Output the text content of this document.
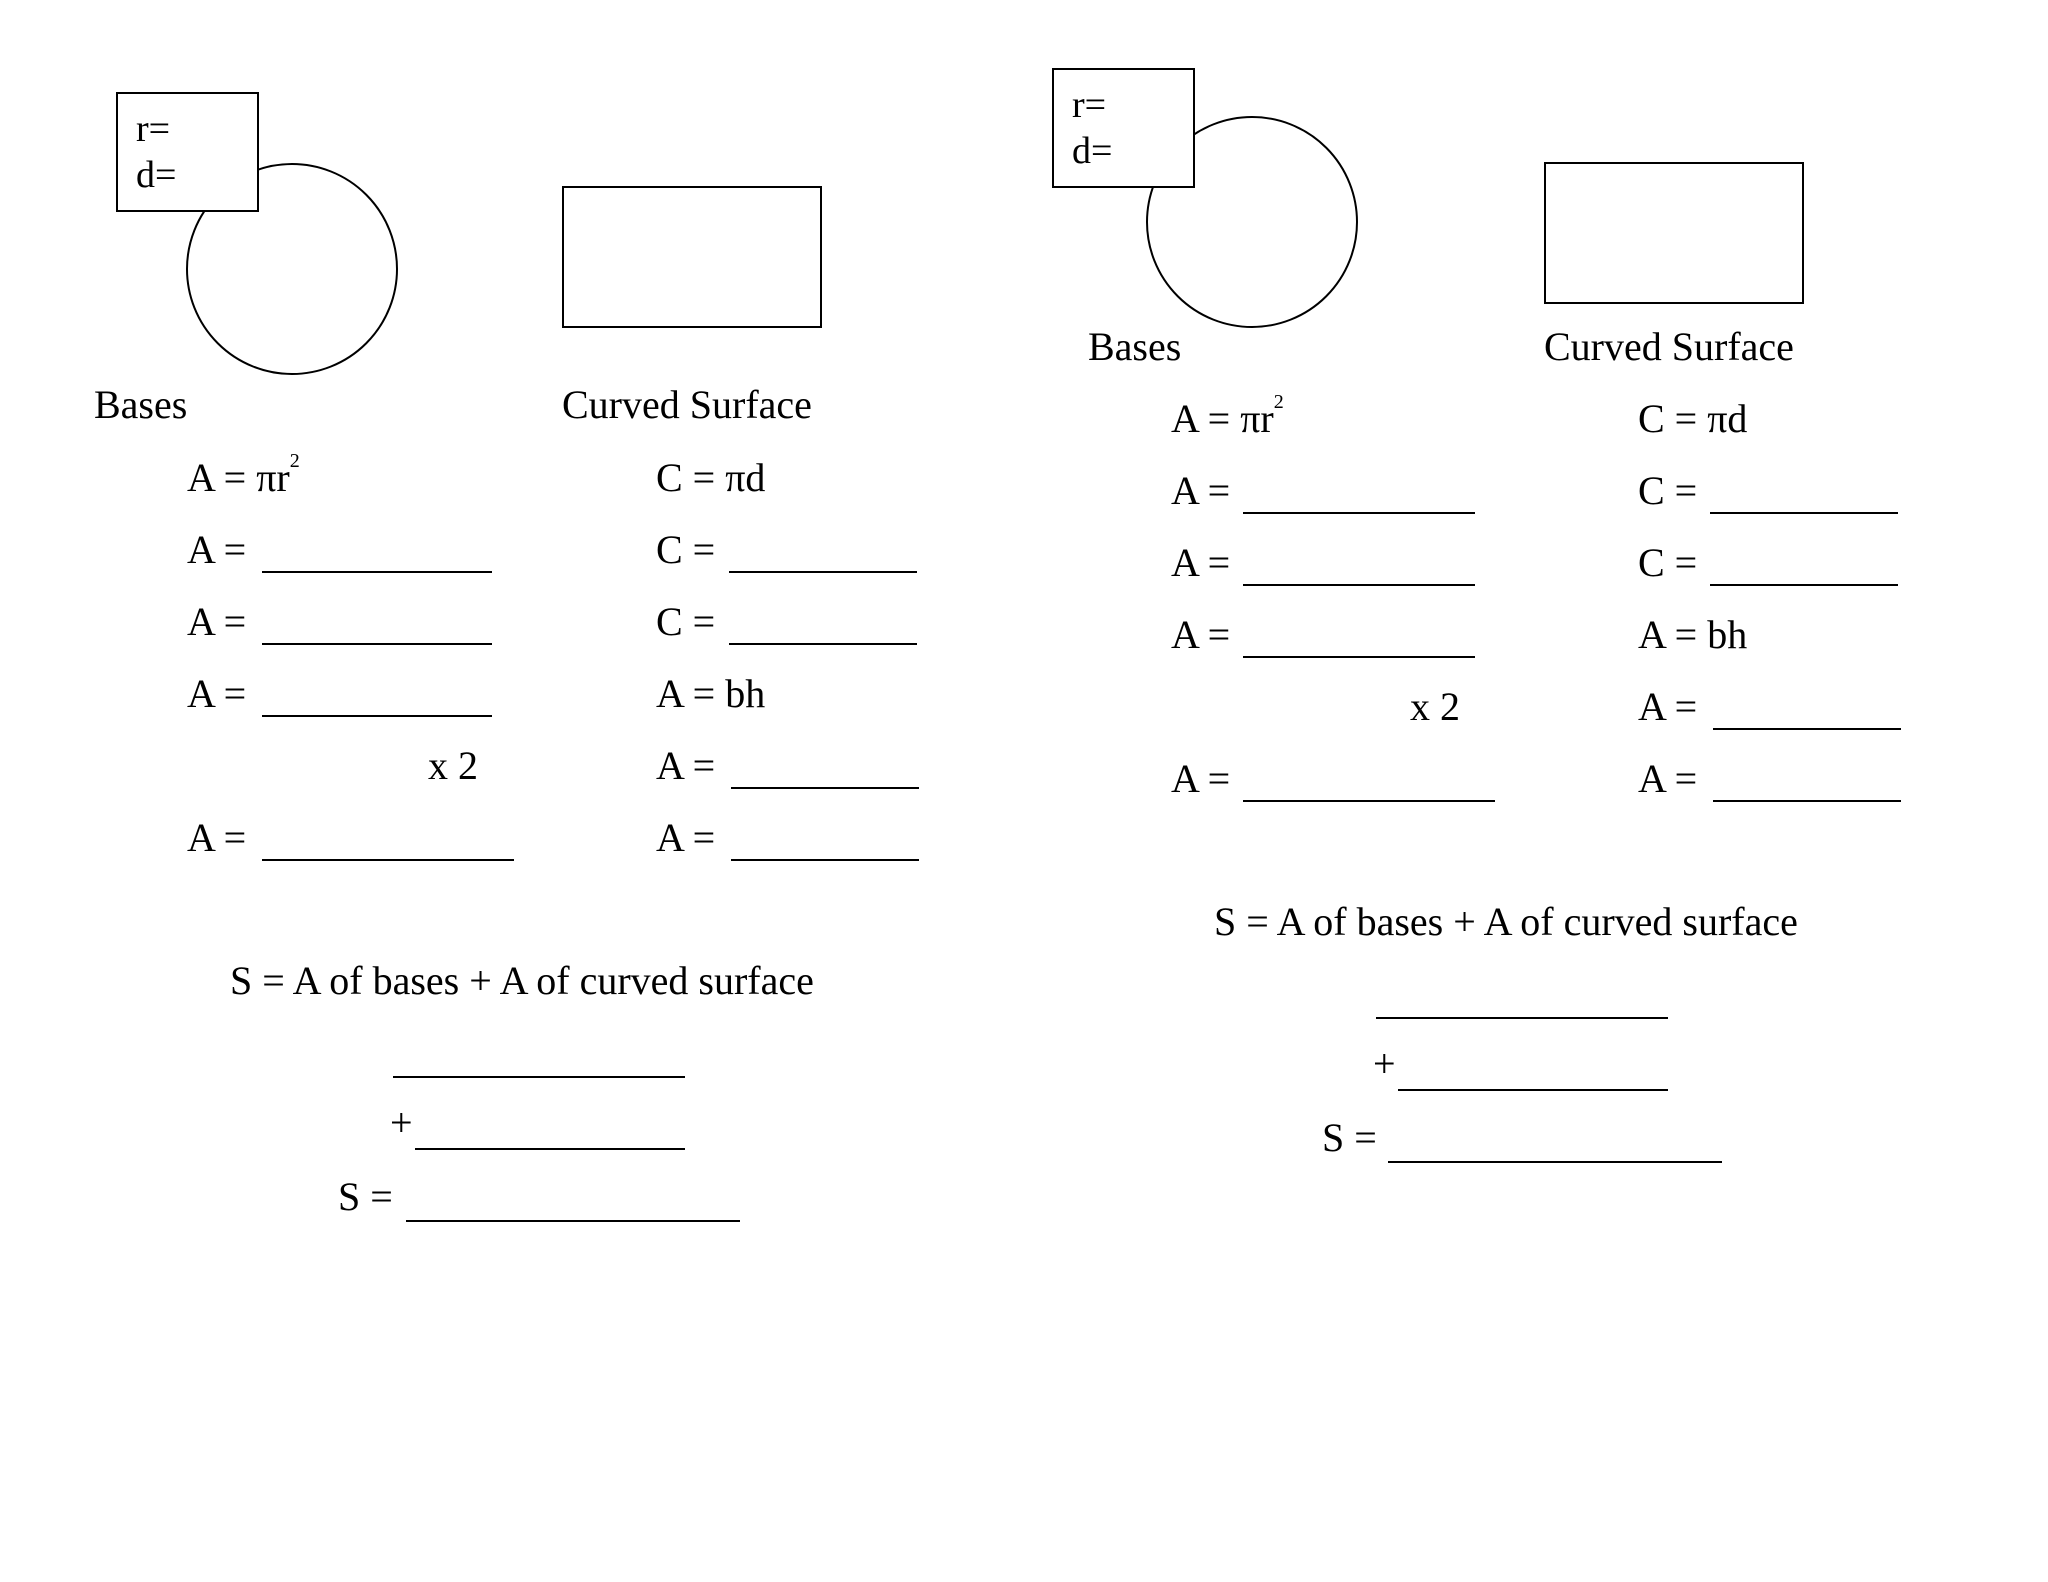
r=
d=
Bases	Curved Surface
$A = \pi r^2$
A =
A =
A =
x 2
A =
C = πd
C =
C =
A = bh
A =
A =
S = A of bases + A of curved surface
+
S =
r=
d=
Bases	Curved Surface
$A = \pi r^2$
A =
A =
A =
x 2
A =
C = πd
C =
C =
A = bh
A =
A =
S = A of bases + A of curved surface
+
S =
